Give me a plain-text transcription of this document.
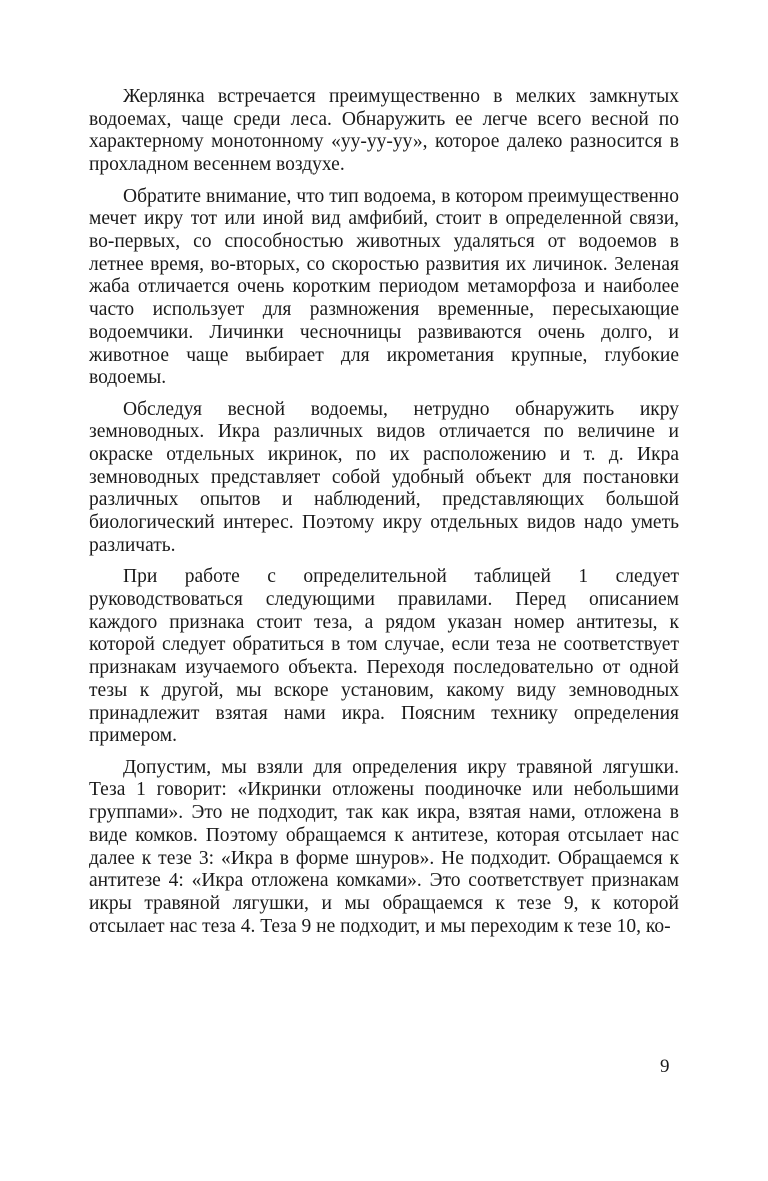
Жерлянка встречается преимущественно в мелких замкнутых водоемах, чаще среди леса. Обнаружить ее легче всего весной по характерному монотонному «уу-уу-уу», которое далеко разносится в прохладном весеннем воздухе.

Обратите внимание, что тип водоема, в котором преимущественно мечет икру тот или иной вид амфибий, стоит в определенной связи, во-первых, со способностью животных удаляться от водоемов в летнее время, во-вторых, со скоростью развития их личинок. Зеленая жаба отличается очень коротким периодом метаморфоза и наиболее часто использует для размножения временные, пересыхающие водоемчики. Личинки чесночницы развиваются очень долго, и животное чаще выбирает для икрометания крупные, глубокие водоемы.

Обследуя весной водоемы, нетрудно обнаружить икру земноводных. Икра различных видов отличается по величине и окраске отдельных икринок, по их расположению и т. д. Икра земноводных представляет собой удобный объект для постановки различных опытов и наблюдений, представляющих большой биологический интерес. Поэтому икру отдельных видов надо уметь различать.

При работе с определительной таблицей 1 следует руководствоваться следующими правилами. Перед описанием каждого признака стоит теза, а рядом указан номер антитезы, к которой следует обратиться в том случае, если теза не соответствует признакам изучаемого объекта. Переходя последовательно от одной тезы к другой, мы вскоре установим, какому виду земноводных принадлежит взятая нами икра. Поясним технику определения примером.

Допустим, мы взяли для определения икру травяной лягушки. Теза 1 говорит: «Икринки отложены поодиночке или небольшими группами». Это не подходит, так как икра, взятая нами, отложена в виде комков. Поэтому обращаемся к антитезе, которая отсылает нас далее к тезе 3: «Икра в форме шнуров». Не подходит. Обращаемся к антитезе 4: «Икра отложена комками». Это соответствует признакам икры травяной лягушки, и мы обращаемся к тезе 9, к которой отсылает нас теза 4. Теза 9 не подходит, и мы переходим к тезе 10, ко-

9
